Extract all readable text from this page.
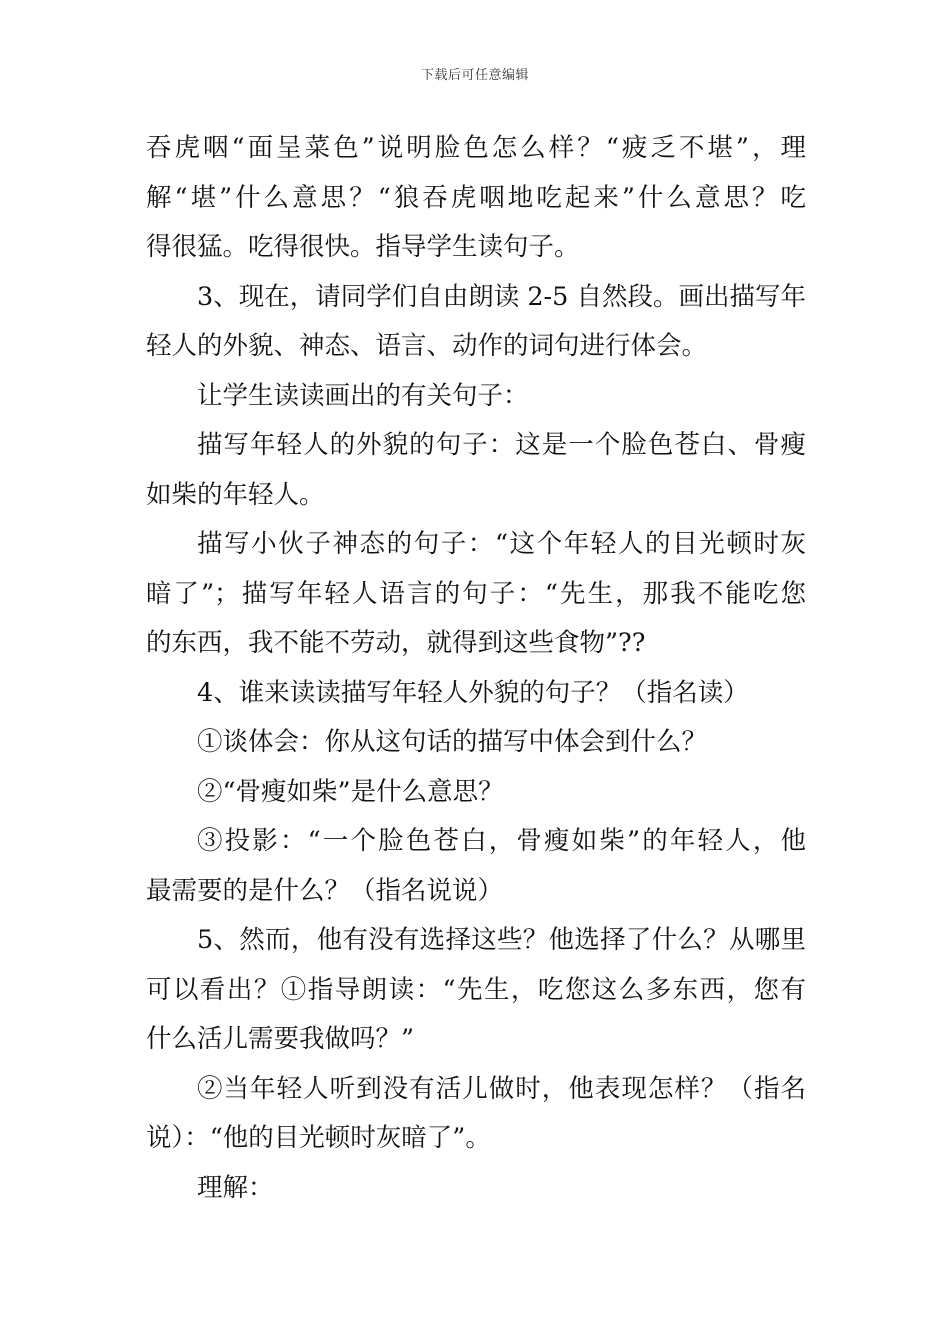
下载后可任意编辑
吞虎咽“面呈菜色”说明脸色怎么样？“疲乏不堪”，理
解“堪”什么意思？“狼吞虎咽地吃起来”什么意思？吃
得很猛。吃得很快。指导学生读句子。
3、现在，请同学们自由朗读 2-5 自然段。画出描写年
轻人的外貌、神态、语言、动作的词句进行体会。
让学生读读画出的有关句子：
描写年轻人的外貌的句子：这是一个脸色苍白、骨瘦
如柴的年轻人。
描写小伙子神态的句子：“这个年轻人的目光顿时灰
暗了”；描写年轻人语言的句子：“先生，那我不能吃您
的东西，我不能不劳动，就得到这些食物”??
4、谁来读读描写年轻人外貌的句子？（指名读）
①谈体会：你从这句话的描写中体会到什么？
②“骨瘦如柴”是什么意思？
③投影：“一个脸色苍白，骨瘦如柴”的年轻人，他
最需要的是什么？（指名说说）
5、然而，他有没有选择这些？他选择了什么？从哪里
可以看出？①指导朗读：“先生，吃您这么多东西，您有
什么活儿需要我做吗？”
②当年轻人听到没有活儿做时，他表现怎样？（指名
说）：“他的目光顿时灰暗了”。
理解：
